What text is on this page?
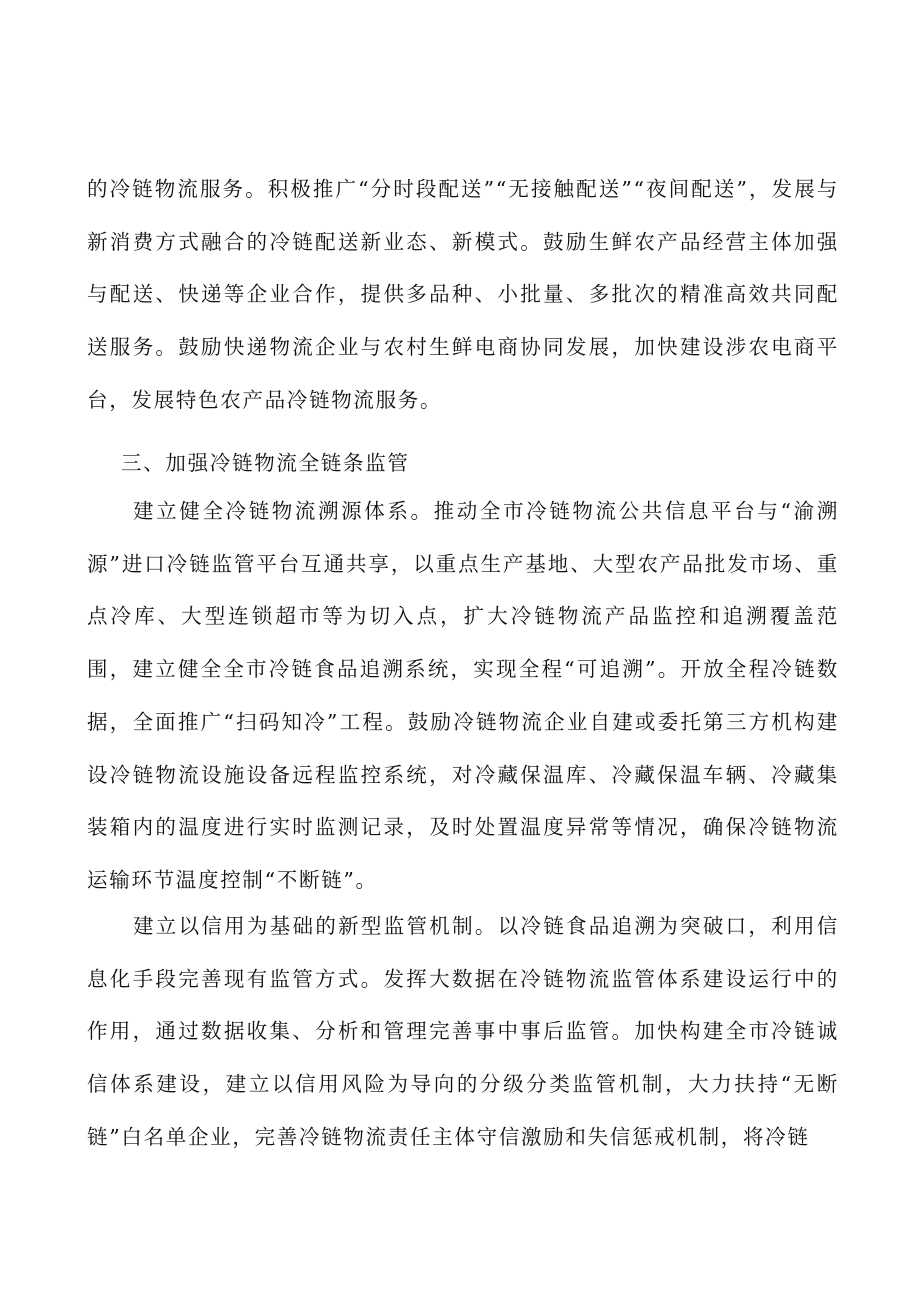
的冷链物流服务。积极推广“分时段配送”“无接触配送”“夜间配送”，发展与新消费方式融合的冷链配送新业态、新模式。鼓励生鲜农产品经营主体加强与配送、快递等企业合作，提供多品种、小批量、多批次的精准高效共同配送服务。鼓励快递物流企业与农村生鲜电商协同发展，加快建设涉农电商平台，发展特色农产品冷链物流服务。

三、加强冷链物流全链条监管

建立健全冷链物流溯源体系。推动全市冷链物流公共信息平台与“渝溯源”进口冷链监管平台互通共享，以重点生产基地、大型农产品批发市场、重点冷库、大型连锁超市等为切入点，扩大冷链物流产品监控和追溯覆盖范围，建立健全全市冷链食品追溯系统，实现全程“可追溯”。开放全程冷链数据，全面推广“扫码知冷”工程。鼓励冷链物流企业自建或委托第三方机构建设冷链物流设施设备远程监控系统，对冷藏保温库、冷藏保温车辆、冷藏集装箱内的温度进行实时监测记录，及时处置温度异常等情况，确保冷链物流运输环节温度控制“不断链”。

建立以信用为基础的新型监管机制。以冷链食品追溯为突破口，利用信息化手段完善现有监管方式。发挥大数据在冷链物流监管体系建设运行中的作用，通过数据收集、分析和管理完善事中事后监管。加快构建全市冷链诚信体系建设，建立以信用风险为导向的分级分类监管机制，大力扶持“无断链”白名单企业，完善冷链物流责任主体守信激励和失信惩戒机制，将冷链
